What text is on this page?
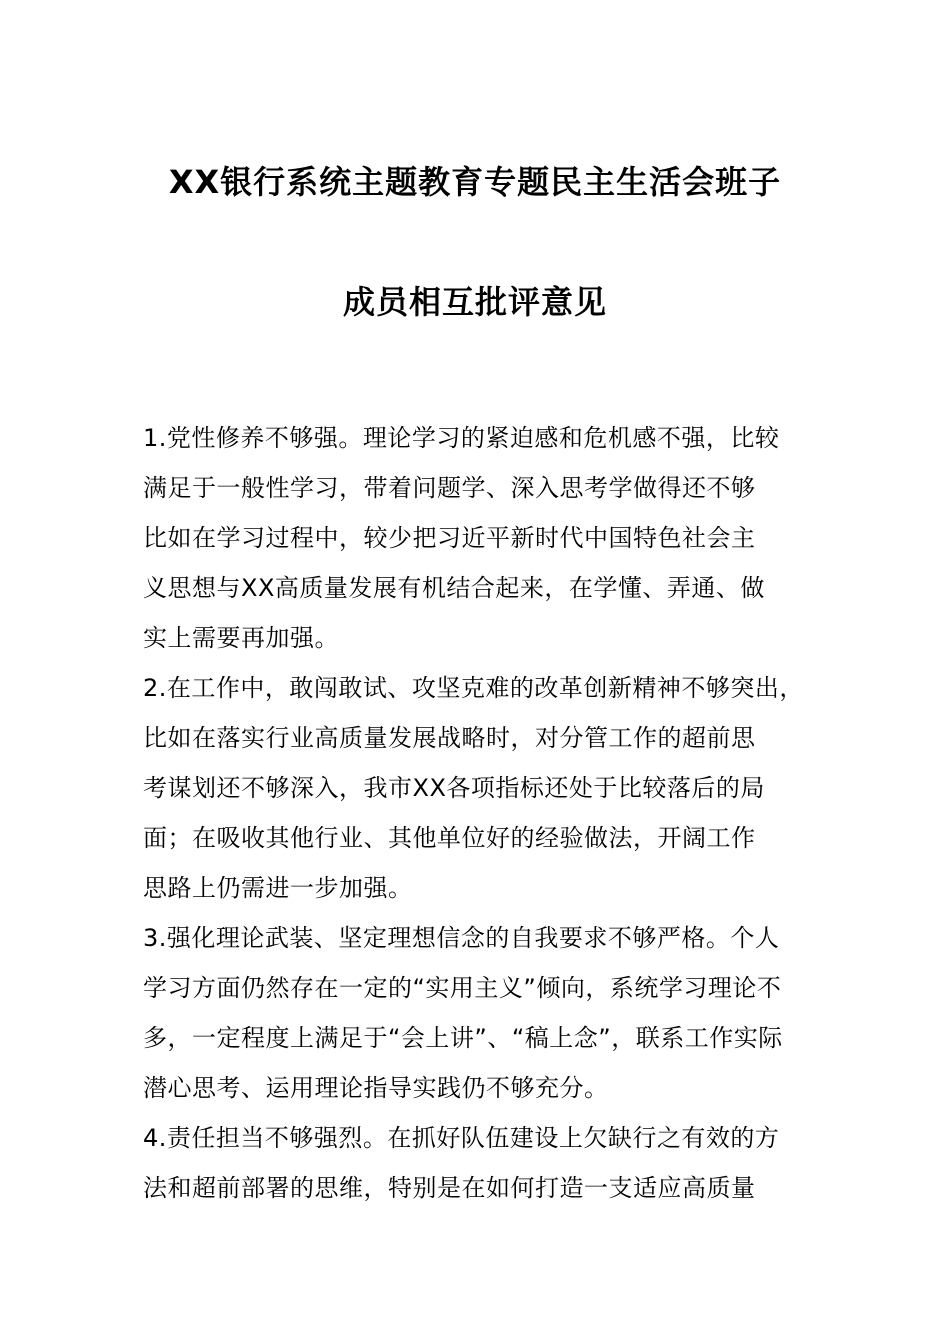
XX银行系统主题教育专题民主生活会班子
成员相互批评意见
1.党性修养不够强。理论学习的紧迫感和危机感不强，比较
满足于一般性学习，带着问题学、深入思考学做得还不够
比如在学习过程中，较少把习近平新时代中国特色社会主
义思想与XX高质量发展有机结合起来，在学懂、弄通、做
实上需要再加强。
2.在工作中，敢闯敢试、攻坚克难的改革创新精神不够突出，
比如在落实行业高质量发展战略时，对分管工作的超前思
考谋划还不够深入，我市XX各项指标还处于比较落后的局
面；在吸收其他行业、其他单位好的经验做法，开阔工作
思路上仍需进一步加强。
3.强化理论武装、坚定理想信念的自我要求不够严格。个人
学习方面仍然存在一定的“实用主义”倾向，系统学习理论不
多，一定程度上满足于“会上讲”、“稿上念”，联系工作实际
潜心思考、运用理论指导实践仍不够充分。
4.责任担当不够强烈。在抓好队伍建设上欠缺行之有效的方
法和超前部署的思维，特别是在如何打造一支适应高质量
